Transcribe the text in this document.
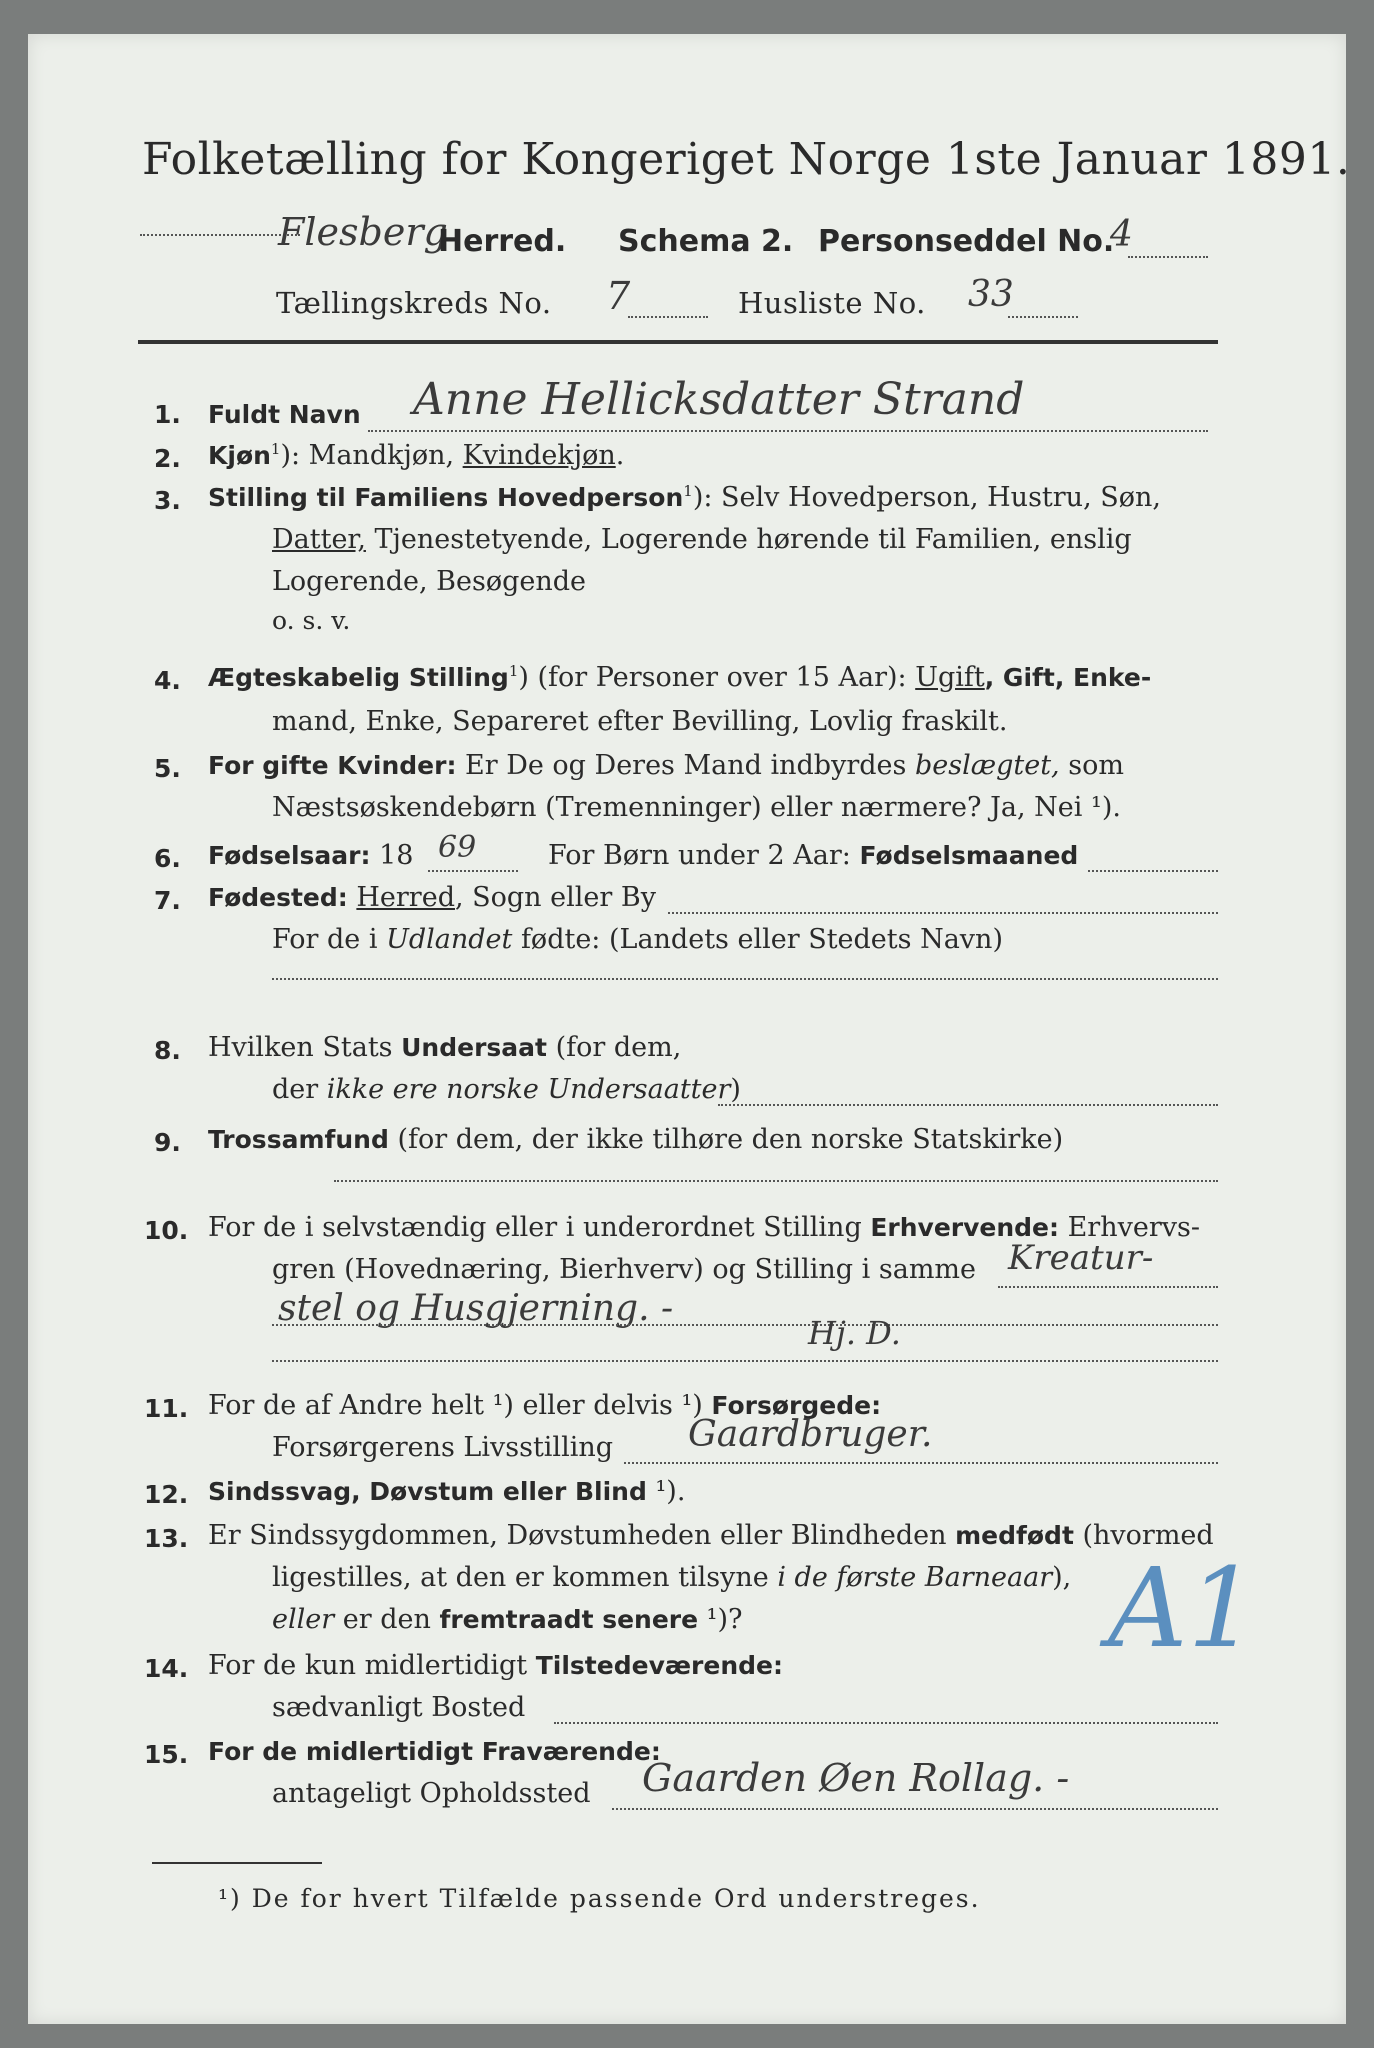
Folketælling for Kongeriget Norge 1ste Januar 1891.
Flesberg
Herred. Schema 2. Personseddel No.
4
Tællingskreds No. 7	Husliste No. 33
1. Fuldt Navn Anne Hellicksdatter Strand
2. Kjøn$^1$): Mandkjøn, Kvindekjøn.
3. Stilling til Familiens Hovedperson$^1$): Selv Hovedperson, Hustru, Søn,
Datter, Tjenestetyende, Logerende hørende til Familien, enslig
Logerende, Besøgende
o. s. v.
4. Ægteskabelig Stilling$^1$) (for Personer over 15 Aar): Ugift, Gift, Enke-
mand, Enke, Separeret efter Bevilling, Lovlig fraskilt.
5. For gifte Kvinder: Er De og Deres Mand indbyrdes beslægtet, som
Næstsøskendebørn (Tremenninger) eller nærmere? Ja, Nei ¹).
6. Fødselsaar: 18 69	For Børn under 2 Aar: Fødselsmaaned
7. Fødested: Herred, Sogn eller By
For de i Udlandet fødte: (Landets eller Stedets Navn)
8. Hvilken Stats Undersaat (for dem,
der ikke ere norske Undersaatter)
9. Trossamfund (for dem, der ikke tilhøre den norske Statskirke)
10. For de i selvstændig eller i underordnet Stilling Erhvervende: Erhvervs-
gren (Hovednæring, Bierhverv) og Stilling i samme Kreatur-
stel og Husgjerning. -
Hj. D.
11. For de af Andre helt ¹) eller delvis ¹) Forsørgede:
Forsørgerens Livsstilling Gaardbruger.
12. Sindssvag, Døvstum eller Blind ¹).
13. Er Sindssygdommen, Døvstumheden eller Blindheden medfødt (hvormed
ligestilles, at den er kommen tilsyne i de første Barneaar),
eller er den fremtraadt senere ¹)?	A1
14. For de kun midlertidigt Tilstedeværende:
sædvanligt Bosted
15. For de midlertidigt Fraværende:
antageligt Opholdssted Gaarden Øen Rollag. -
¹) De for hvert Tilfælde passende Ord understreges.
